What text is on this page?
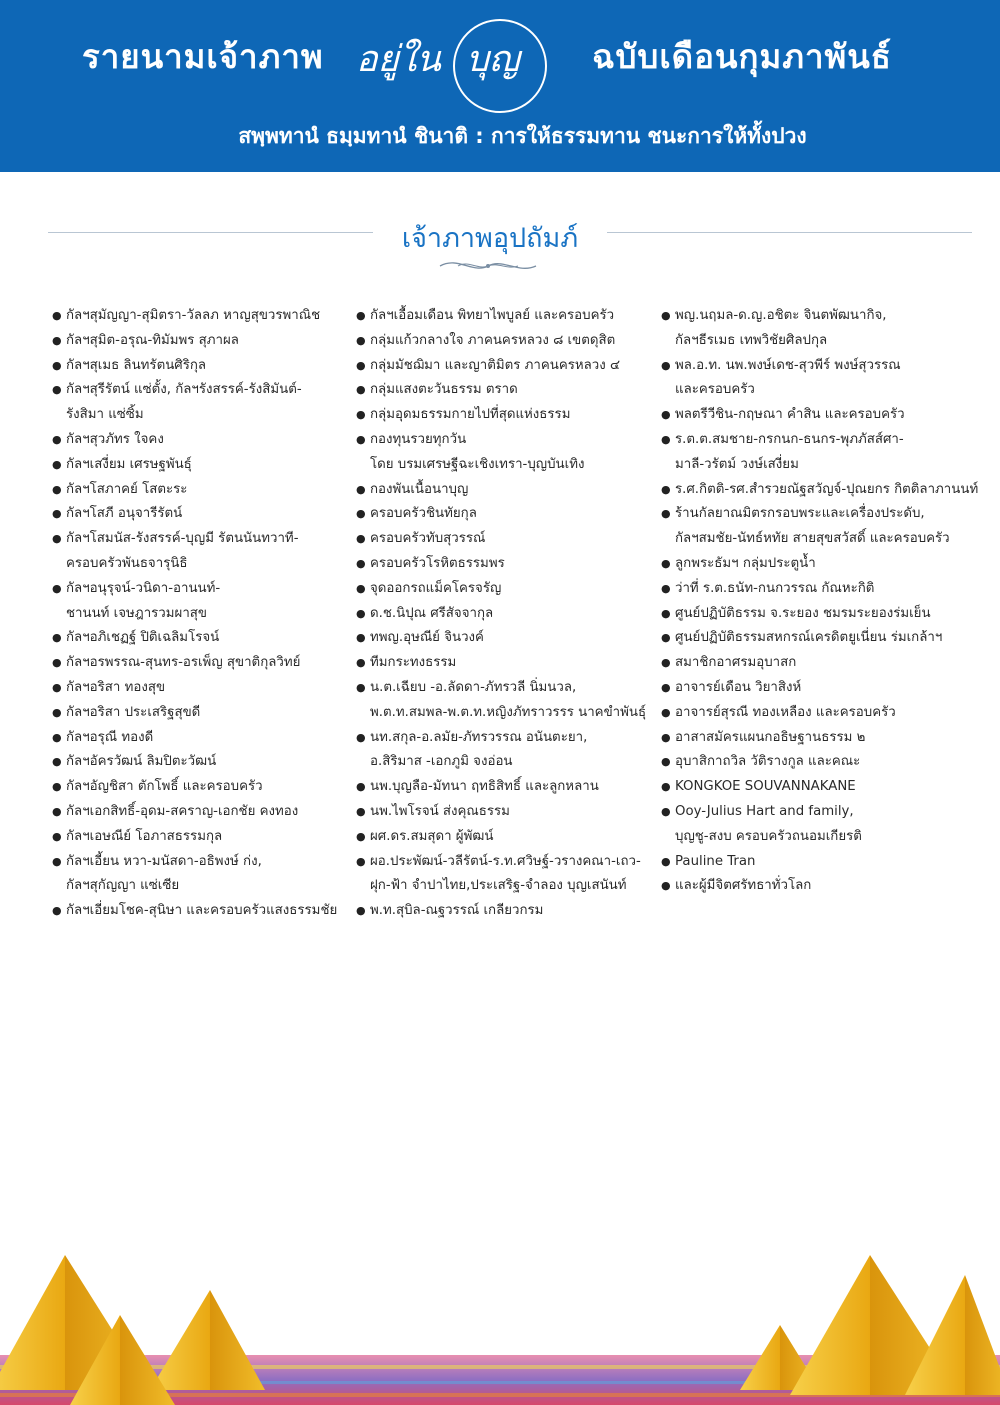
รายนามเจ้าภาพ อยู่ใน บุญ ฉบับเดือนกุมภาพันธ์
สพฺพทานํ ธมฺมทานํ ชินาติ : การให้ธรรมทาน ชนะการให้ทั้งปวง
เจ้าภาพอุปถัมภ์
● กัลฯสุมัญญา-สุมิตรา-วัลลภ หาญสุขวรพาณิช
● กัลฯสุมิต-อรุณ-ทิมัมพร สุภาผล
● กัลฯสุเมธ ลินทรัตนศิริกุล
● กัลฯสุรีรัตน์ แซ่ตั้ง, กัลฯรังสรรค์-รังสิมันต์-
รังสิมา แซ่ซิ้ม
● กัลฯสุวภัทร ใจคง
● กัลฯเสงี่ยม เศรษฐพันธุ์
● กัลฯโสภาคย์ โสตะระ
● กัลฯโสภี อนุจารีรัตน์
● กัลฯโสมนัส-รังสรรค์-บุญมี รัตนนันทวาที-
ครอบครัวพันธจารุนิธิ
● กัลฯอนุรุจน์-วนิดา-อานนท์-
ชานนท์ เจษฎารวมผาสุข
● กัลฯอภิเชฏฐ์ ปิติเฉลิมโรจน์
● กัลฯอรพรรณ-สุนทร-อรเพ็ญ สุขาติกุลวิทย์
● กัลฯอริสา ทองสุข
● กัลฯอริสา ประเสริฐสุขดี
● กัลฯอรุณี ทองดี
● กัลฯอัครวัฒน์ ลิมปิตะวัฒน์
● กัลฯอัญชิสา ตักโพธิ์ และครอบครัว
● กัลฯเอกสิทธิ์-อุดม-สคราญ-เอกชัย คงทอง
● กัลฯเอษณีย์ โอภาสธรรมกุล
● กัลฯเอี้ยน หวา-มนัสดา-อธิพงษ์ ก่ง,
กัลฯสุกัญญา แซ่เซีย
● กัลฯเอี่ยมโชค-สุนิษา และครอบครัวแสงธรรมชัย
● กัลฯเอื้อมเดือน พิทยาไพบูลย์ และครอบครัว
● กลุ่มแก้วกลางใจ ภาคนครหลวง ๘ เขตดุสิต
● กลุ่มมัชฌิมา และญาติมิตร ภาคนครหลวง ๔
● กลุ่มแสงตะวันธรรม ตราด
● กลุ่มอุดมธรรมกายไปที่สุดแห่งธรรม
● กองทุนรวยทุกวัน
โดย บรมเศรษฐีฉะเชิงเทรา-บุญบันเทิง
● กองพันเนื้อนาบุญ
● ครอบครัวชินทัยกุล
● ครอบครัวทับสุวรรณ์
● ครอบครัวโรหิตธรรมพร
● จุดออกรถแม็คโครจรัญ
● ด.ช.นิปุณ ศรีสัจจากุล
● ทพญ.อุษณีย์ จินวงค์
● ทีมกระทงธรรม
● น.ต.เฉียบ -อ.ลัดดา-ภัทรวลี นิ่มนวล,
พ.ต.ท.สมพล-พ.ต.ท.หญิงภัทราวรรร นาคขำพันธุ์
● นท.สกุล-อ.ลมัย-ภัทรวรรณ อนันตะยา,
อ.สิริมาส -เอกภูมิ จงอ่อน
● นพ.บุญลือ-มัทนา ฤทธิสิทธิ์ และลูกหลาน
● นพ.ไพโรจน์ ส่งคุณธรรม
● ผศ.ดร.สมสุดา ผู้พัฒน์
● ผอ.ประพัฒน์-วลีรัตน์-ร.ท.ศวิษฐ์-วรางคณา-เถว-
ฝุก-ฟ้า จำปาไทย,ประเสริฐ-จำลอง บุญเสนันท์
● พ.ท.สุบิล-ณฐวรรณ์ เกลียวกรม
● พญ.นฤมล-ด.ญ.อชิตะ จินตพัฒนากิจ,
กัลฯธีรเมธ เทพวิชัยศิลปกุล
● พล.อ.ท. นพ.พงษ์เดช-สุวพีร์ พงษ์สุวรรณ
และครอบครัว
● พลตรีวีชิน-กฤษณา คำสิน และครอบครัว
● ร.ต.ต.สมชาย-กรกนก-ธนกร-พุภภัสส์ศา-
มาลี-วรัตม์ วงษ์เสงี่ยม
● ร.ศ.กิตติ-รศ.สำรวยณัฐสวัญจ์-ปุณยกร กิตติลาภานนท์
● ร้านกัลยาณมิตรกรอบพระและเครื่องประดับ,
กัลฯสมชัย-นัทธ์หทัย สายสุขสวัสดิ์ และครอบครัว
● ลูกพระธัมฯ กลุ่มประตูน้ำ
● ว่าที่ ร.ต.ธนัท-กนกวรรณ กัณหะกิติ
● ศูนย์ปฏิบัติธรรม จ.ระยอง ชมรมระยองร่มเย็น
● ศูนย์ปฏิบัติธรรมสหกรณ์เครดิตยูเนี่ยน ร่มเกล้าฯ
● สมาชิกอาศรมอุบาสก
● อาจารย์เดือน วิยาสิงห์
● อาจารย์สุรณี ทองเหลือง และครอบครัว
● อาสาสมัครแผนกอธิษฐานธรรม ๒
● อุบาสิกาถวิล วัติรางกูล และคณะ
● KONGKOE SOUVANNAKANE
● Ooy-Julius Hart and family,
บุญชู-สงบ ครอบครัวถนอมเกียรติ
● Pauline Tran
● และผู้มีจิตศรัทธาทั่วโลก
